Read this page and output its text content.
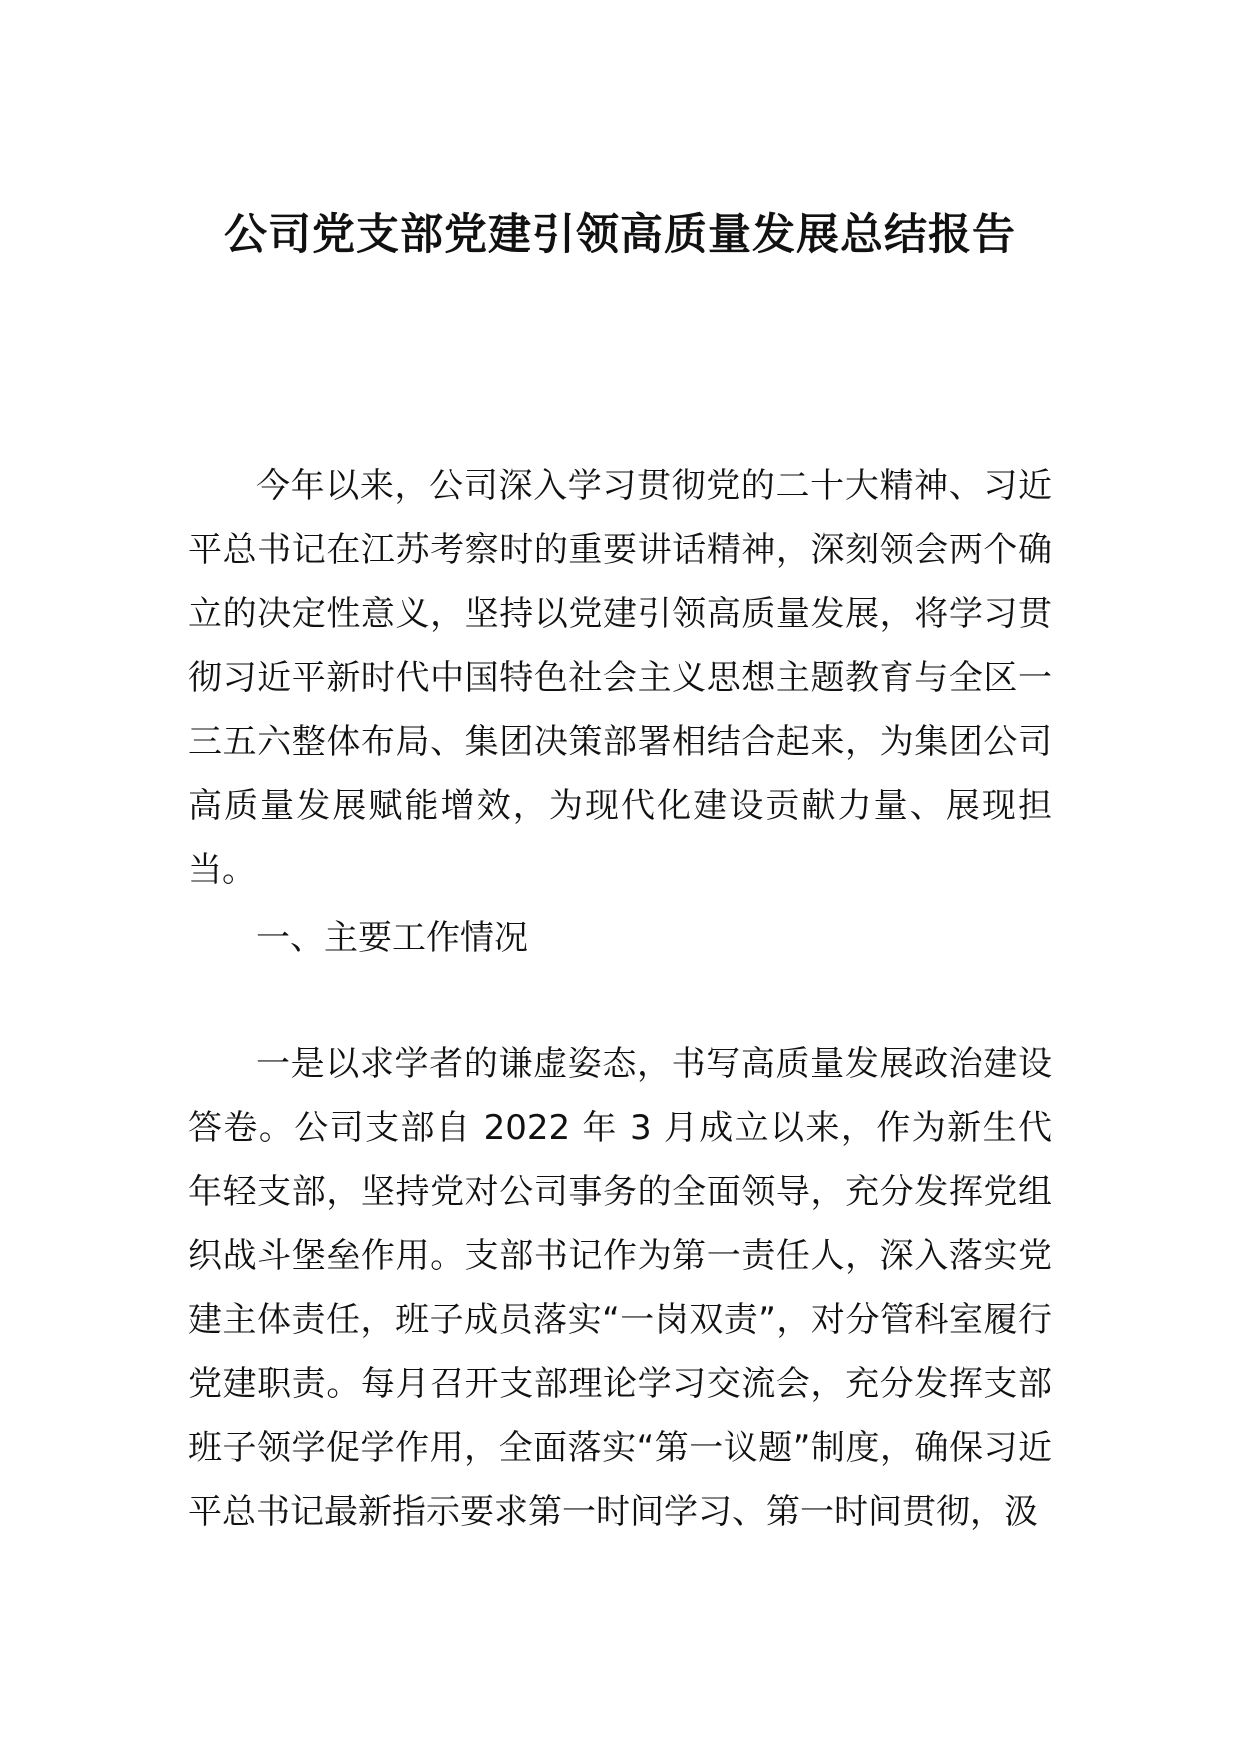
公司党支部党建引领高质量发展总结报告

今年以来，公司深入学习贯彻党的二十大精神、习近平总书记在江苏考察时的重要讲话精神，深刻领会两个确立的决定性意义，坚持以党建引领高质量发展，将学习贯彻习近平新时代中国特色社会主义思想主题教育与全区一三五六整体布局、集团决策部署相结合起来，为集团公司高质量发展赋能增效，为现代化建设贡献力量、展现担当。

一、主要工作情况

一是以求学者的谦虚姿态，书写高质量发展政治建设答卷。公司支部自 2022 年 3 月成立以来，作为新生代年轻支部，坚持党对公司事务的全面领导，充分发挥党组织战斗堡垒作用。支部书记作为第一责任人，深入落实党建主体责任，班子成员落实“一岗双责”，对分管科室履行党建职责。每月召开支部理论学习交流会，充分发挥支部班子领学促学作用，全面落实“第一议题”制度，确保习近平总书记最新指示要求第一时间学习、第一时间贯彻，汲
